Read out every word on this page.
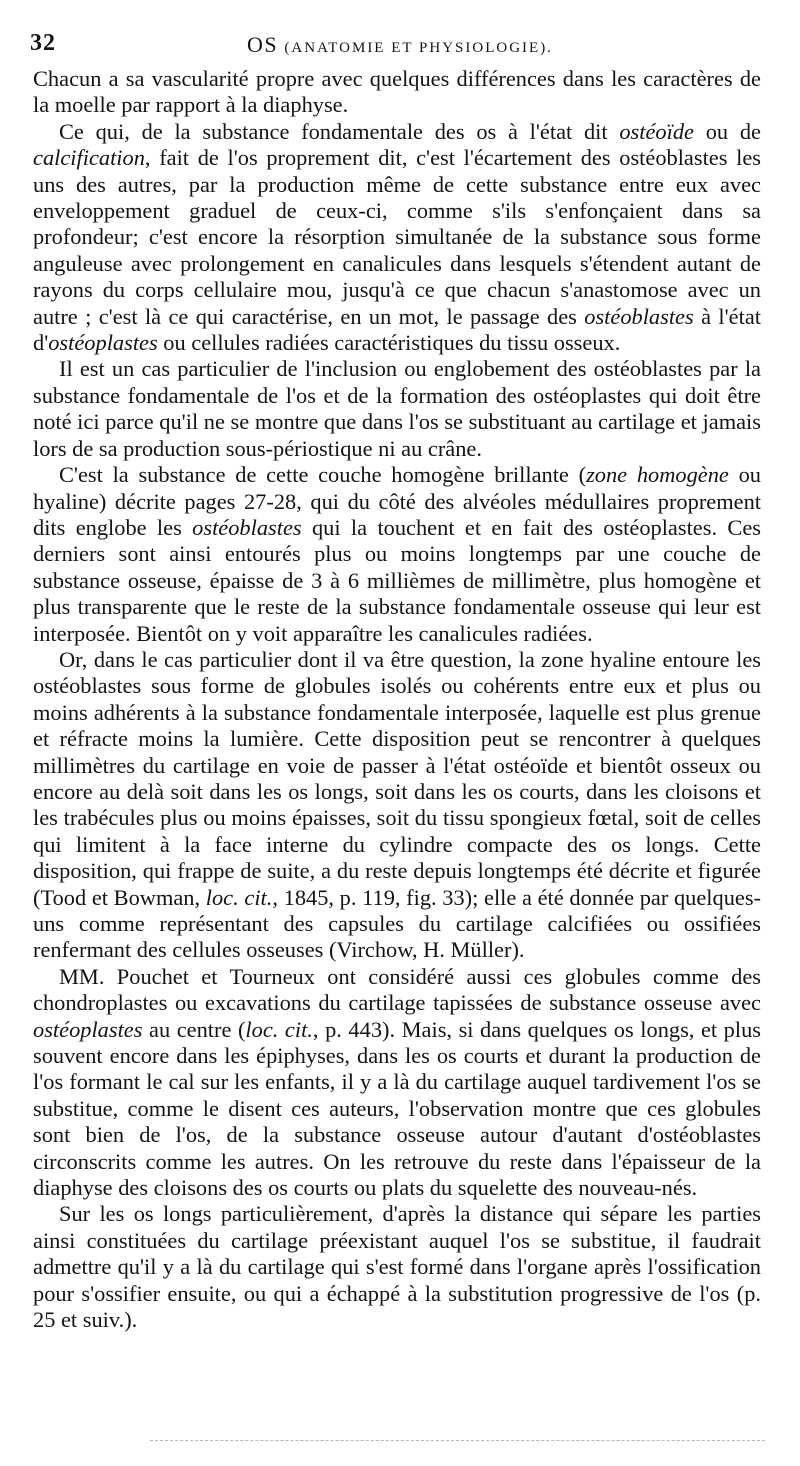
32	OS (ANATOMIE ET PHYSIOLOGIE).

Chacun a sa vascularité propre avec quelques différences dans les caractères de la moelle par rapport à la diaphyse.

Ce qui, de la substance fondamentale des os à l'état dit ostéoïde ou de calcification, fait de l'os proprement dit, c'est l'écartement des ostéoblastes les uns des autres, par la production même de cette substance entre eux avec enveloppement graduel de ceux-ci, comme s'ils s'enfonçaient dans sa profondeur; c'est encore la résorption simultanée de la substance sous forme anguleuse avec prolongement en canalicules dans lesquels s'étendent autant de rayons du corps cellulaire mou, jusqu'à ce que chacun s'anastomose avec un autre ; c'est là ce qui caractérise, en un mot, le passage des ostéoblastes à l'état d'ostéoplastes ou cellules radiées caractéristiques du tissu osseux.

Il est un cas particulier de l'inclusion ou englobement des ostéoblastes par la substance fondamentale de l'os et de la formation des ostéoplastes qui doit être noté ici parce qu'il ne se montre que dans l'os se substituant au cartilage et jamais lors de sa production sous-périostique ni au crâne.

C'est la substance de cette couche homogène brillante (zone homogène ou hyaline) décrite pages 27-28, qui du côté des alvéoles médullaires proprement dits englobe les ostéoblastes qui la touchent et en fait des ostéoplastes. Ces derniers sont ainsi entourés plus ou moins longtemps par une couche de substance osseuse, épaisse de 3 à 6 millièmes de millimètre, plus homogène et plus transparente que le reste de la substance fondamentale osseuse qui leur est interposée. Bientôt on y voit apparaître les canalicules radiées.

Or, dans le cas particulier dont il va être question, la zone hyaline entoure les ostéoblastes sous forme de globules isolés ou cohérents entre eux et plus ou moins adhérents à la substance fondamentale interposée, laquelle est plus grenue et réfracte moins la lumière. Cette disposition peut se rencontrer à quelques millimètres du cartilage en voie de passer à l'état ostéoïde et bientôt osseux ou encore au delà soit dans les os longs, soit dans les os courts, dans les cloisons et les trabécules plus ou moins épaisses, soit du tissu spongieux fœtal, soit de celles qui limitent à la face interne du cylindre compacte des os longs. Cette disposition, qui frappe de suite, a du reste depuis longtemps été décrite et figurée (Tood et Bowman, loc. cit., 1845, p. 119, fig. 33); elle a été donnée par quelques-uns comme représentant des capsules du cartilage calcifiées ou ossifiées renfermant des cellules osseuses (Virchow, H. Müller).

MM. Pouchet et Tourneux ont considéré aussi ces globules comme des chondroplastes ou excavations du cartilage tapissées de substance osseuse avec ostéoplastes au centre (loc. cit., p. 443). Mais, si dans quelques os longs, et plus souvent encore dans les épiphyses, dans les os courts et durant la production de l'os formant le cal sur les enfants, il y a là du cartilage auquel tardivement l'os se substitue, comme le disent ces auteurs, l'observation montre que ces globules sont bien de l'os, de la substance osseuse autour d'autant d'ostéoblastes circonscrits comme les autres. On les retrouve du reste dans l'épaisseur de la diaphyse des cloisons des os courts ou plats du squelette des nouveau-nés.

Sur les os longs particulièrement, d'après la distance qui sépare les parties ainsi constituées du cartilage préexistant auquel l'os se substitue, il faudrait admettre qu'il y a là du cartilage qui s'est formé dans l'organe après l'ossification pour s'ossifier ensuite, ou qui a échappé à la substitution progressive de l'os (p. 25 et suiv.).
